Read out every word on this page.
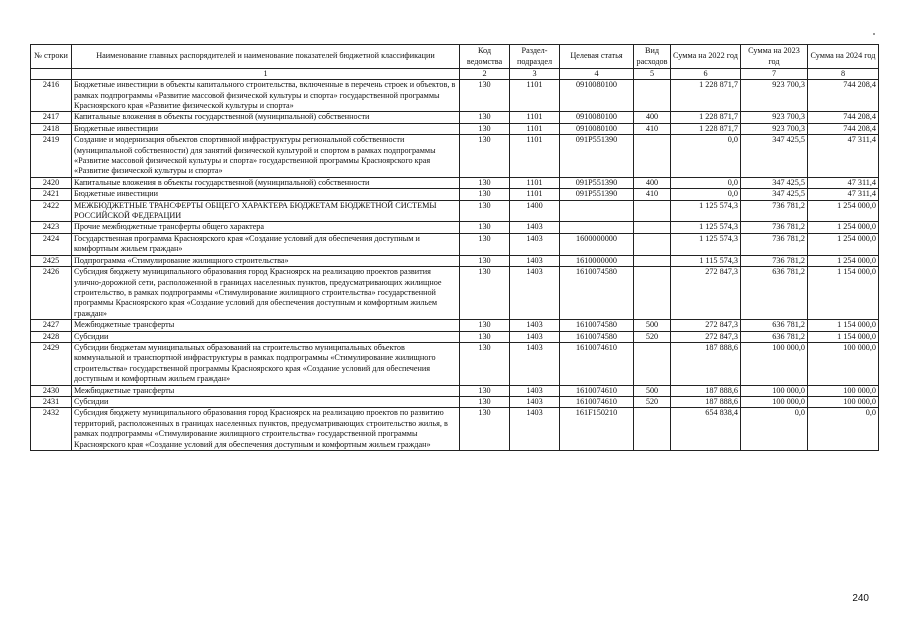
№ строки	Наименование главных распорядителей и наименование показателей бюджетной классификации	Код ведомства	Раздел-подраздел	Целевая статья	Вид расходов	Сумма на 2022 год	Сумма на 2023 год	Сумма на 2024 год
	1	2	3	4	5	6	7	8
2416	Бюджетные инвестиции в объекты капитального строительства, включенные в перечень строек и объектов, в рамках подпрограммы «Развитие массовой физической культуры и спорта» государственной программы Красноярского края «Развитие физической культуры и спорта»	130	1101	0910080100		1 228 871,7	923 700,3	744 208,4
2417	Капитальные вложения в объекты государственной (муниципальной) собственности	130	1101	0910080100	400	1 228 871,7	923 700,3	744 208,4
2418	Бюджетные инвестиции	130	1101	0910080100	410	1 228 871,7	923 700,3	744 208,4
2419	Создание и модернизация объектов спортивной инфраструктуры региональной собственности (муниципальной собственности) для занятий физической культурой и спортом в рамках подпрограммы «Развитие массовой физической культуры и спорта» государственной программы Красноярского края «Развитие физической культуры и спорта»	130	1101	091P551390		0,0	347 425,5	47 311,4
2420	Капитальные вложения в объекты государственной (муниципальной) собственности	130	1101	091P551390	400	0,0	347 425,5	47 311,4
2421	Бюджетные инвестиции	130	1101	091P551390	410	0,0	347 425,5	47 311,4
2422	МЕЖБЮДЖЕТНЫЕ ТРАНСФЕРТЫ ОБЩЕГО ХАРАКТЕРА БЮДЖЕТАМ БЮДЖЕТНОЙ СИСТЕМЫ РОССИЙСКОЙ ФЕДЕРАЦИИ	130	1400			1 125 574,3	736 781,2	1 254 000,0
2423	Прочие межбюджетные трансферты общего характера	130	1403			1 125 574,3	736 781,2	1 254 000,0
2424	Государственная программа Красноярского края «Создание условий для обеспечения доступным и комфортным жильем граждан»	130	1403	1600000000		1 125 574,3	736 781,2	1 254 000,0
2425	Подпрограмма «Стимулирование жилищного строительства»	130	1403	1610000000		1 115 574,3	736 781,2	1 254 000,0
2426	Субсидия бюджету муниципального образования город Красноярск на реализацию проектов развития улично-дорожной сети, расположенной в границах населенных пунктов, предусматривающих жилищное строительство, в рамках подпрограммы «Стимулирование жилищного строительства» государственной программы Красноярского края «Создание условий для обеспечения доступным и комфортным жильем граждан»	130	1403	1610074580		272 847,3	636 781,2	1 154 000,0
2427	Межбюджетные трансферты	130	1403	1610074580	500	272 847,3	636 781,2	1 154 000,0
2428	Субсидии	130	1403	1610074580	520	272 847,3	636 781,2	1 154 000,0
2429	Субсидии бюджетам муниципальных образований на строительство муниципальных объектов коммунальной и транспортной инфраструктуры в рамках подпрограммы «Стимулирование жилищного строительства» государственной программы Красноярского края «Создание условий для обеспечения доступным и комфортным жильем граждан»	130	1403	1610074610		187 888,6	100 000,0	100 000,0
2430	Межбюджетные трансферты	130	1403	1610074610	500	187 888,6	100 000,0	100 000,0
2431	Субсидии	130	1403	1610074610	520	187 888,6	100 000,0	100 000,0
2432	Субсидия бюджету муниципального образования город Красноярск на реализацию проектов по развитию территорий, расположенных в границах населенных пунктов, предусматривающих строительство жилья, в рамках подпрограммы «Стимулирование жилищного строительства» государственной программы Красноярского края «Создание условий для обеспечения доступным и комфортным жильем граждан»	130	1403	161F150210		654 838,4	0,0	0,0
240
